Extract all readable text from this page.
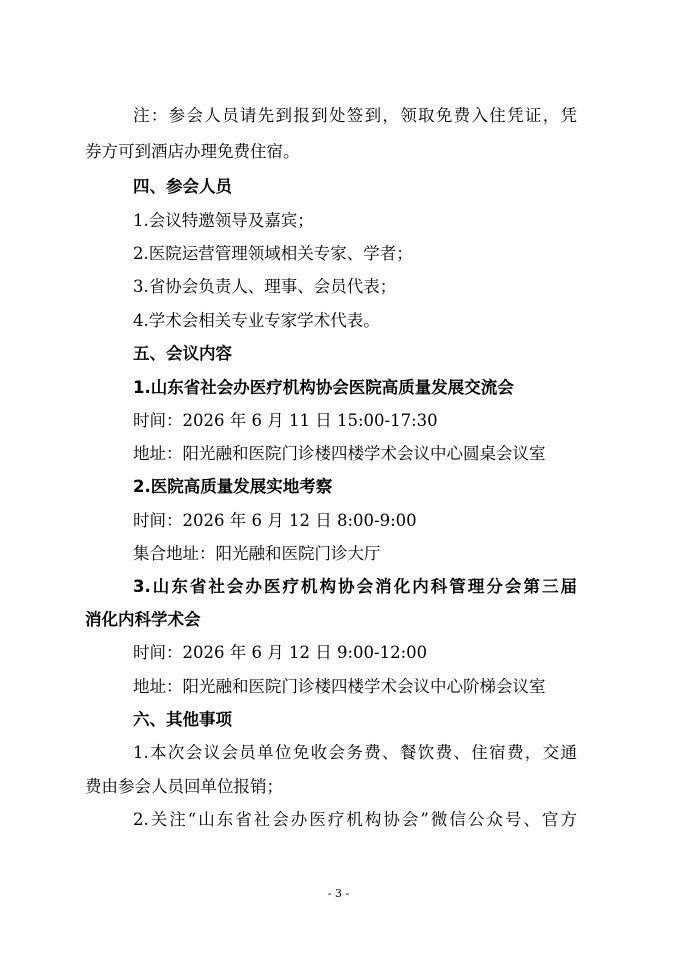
注：参会人员请先到报到处签到，领取免费入住凭证，凭
券方可到酒店办理免费住宿。
四、参会人员
1.会议特邀领导及嘉宾；
2.医院运营管理领域相关专家、学者；
3.省协会负责人、理事、会员代表；
4.学术会相关专业专家学术代表。
五、会议内容
1.山东省社会办医疗机构协会医院高质量发展交流会
时间：2026 年 6 月 11 日 15:00-17:30
地址：阳光融和医院门诊楼四楼学术会议中心圆桌会议室
2.医院高质量发展实地考察
时间：2026 年 6 月 12 日 8:00-9:00
集合地址：阳光融和医院门诊大厅
3.山东省社会办医疗机构协会消化内科管理分会第三届
消化内科学术会
时间：2026 年 6 月 12 日 9:00-12:00
地址：阳光融和医院门诊楼四楼学术会议中心阶梯会议室
六、其他事项
1.本次会议会员单位免收会务费、餐饮费、住宿费，交通
费由参会人员回单位报销；
2.关注“山东省社会办医疗机构协会”微信公众号、官方
- 3 -
